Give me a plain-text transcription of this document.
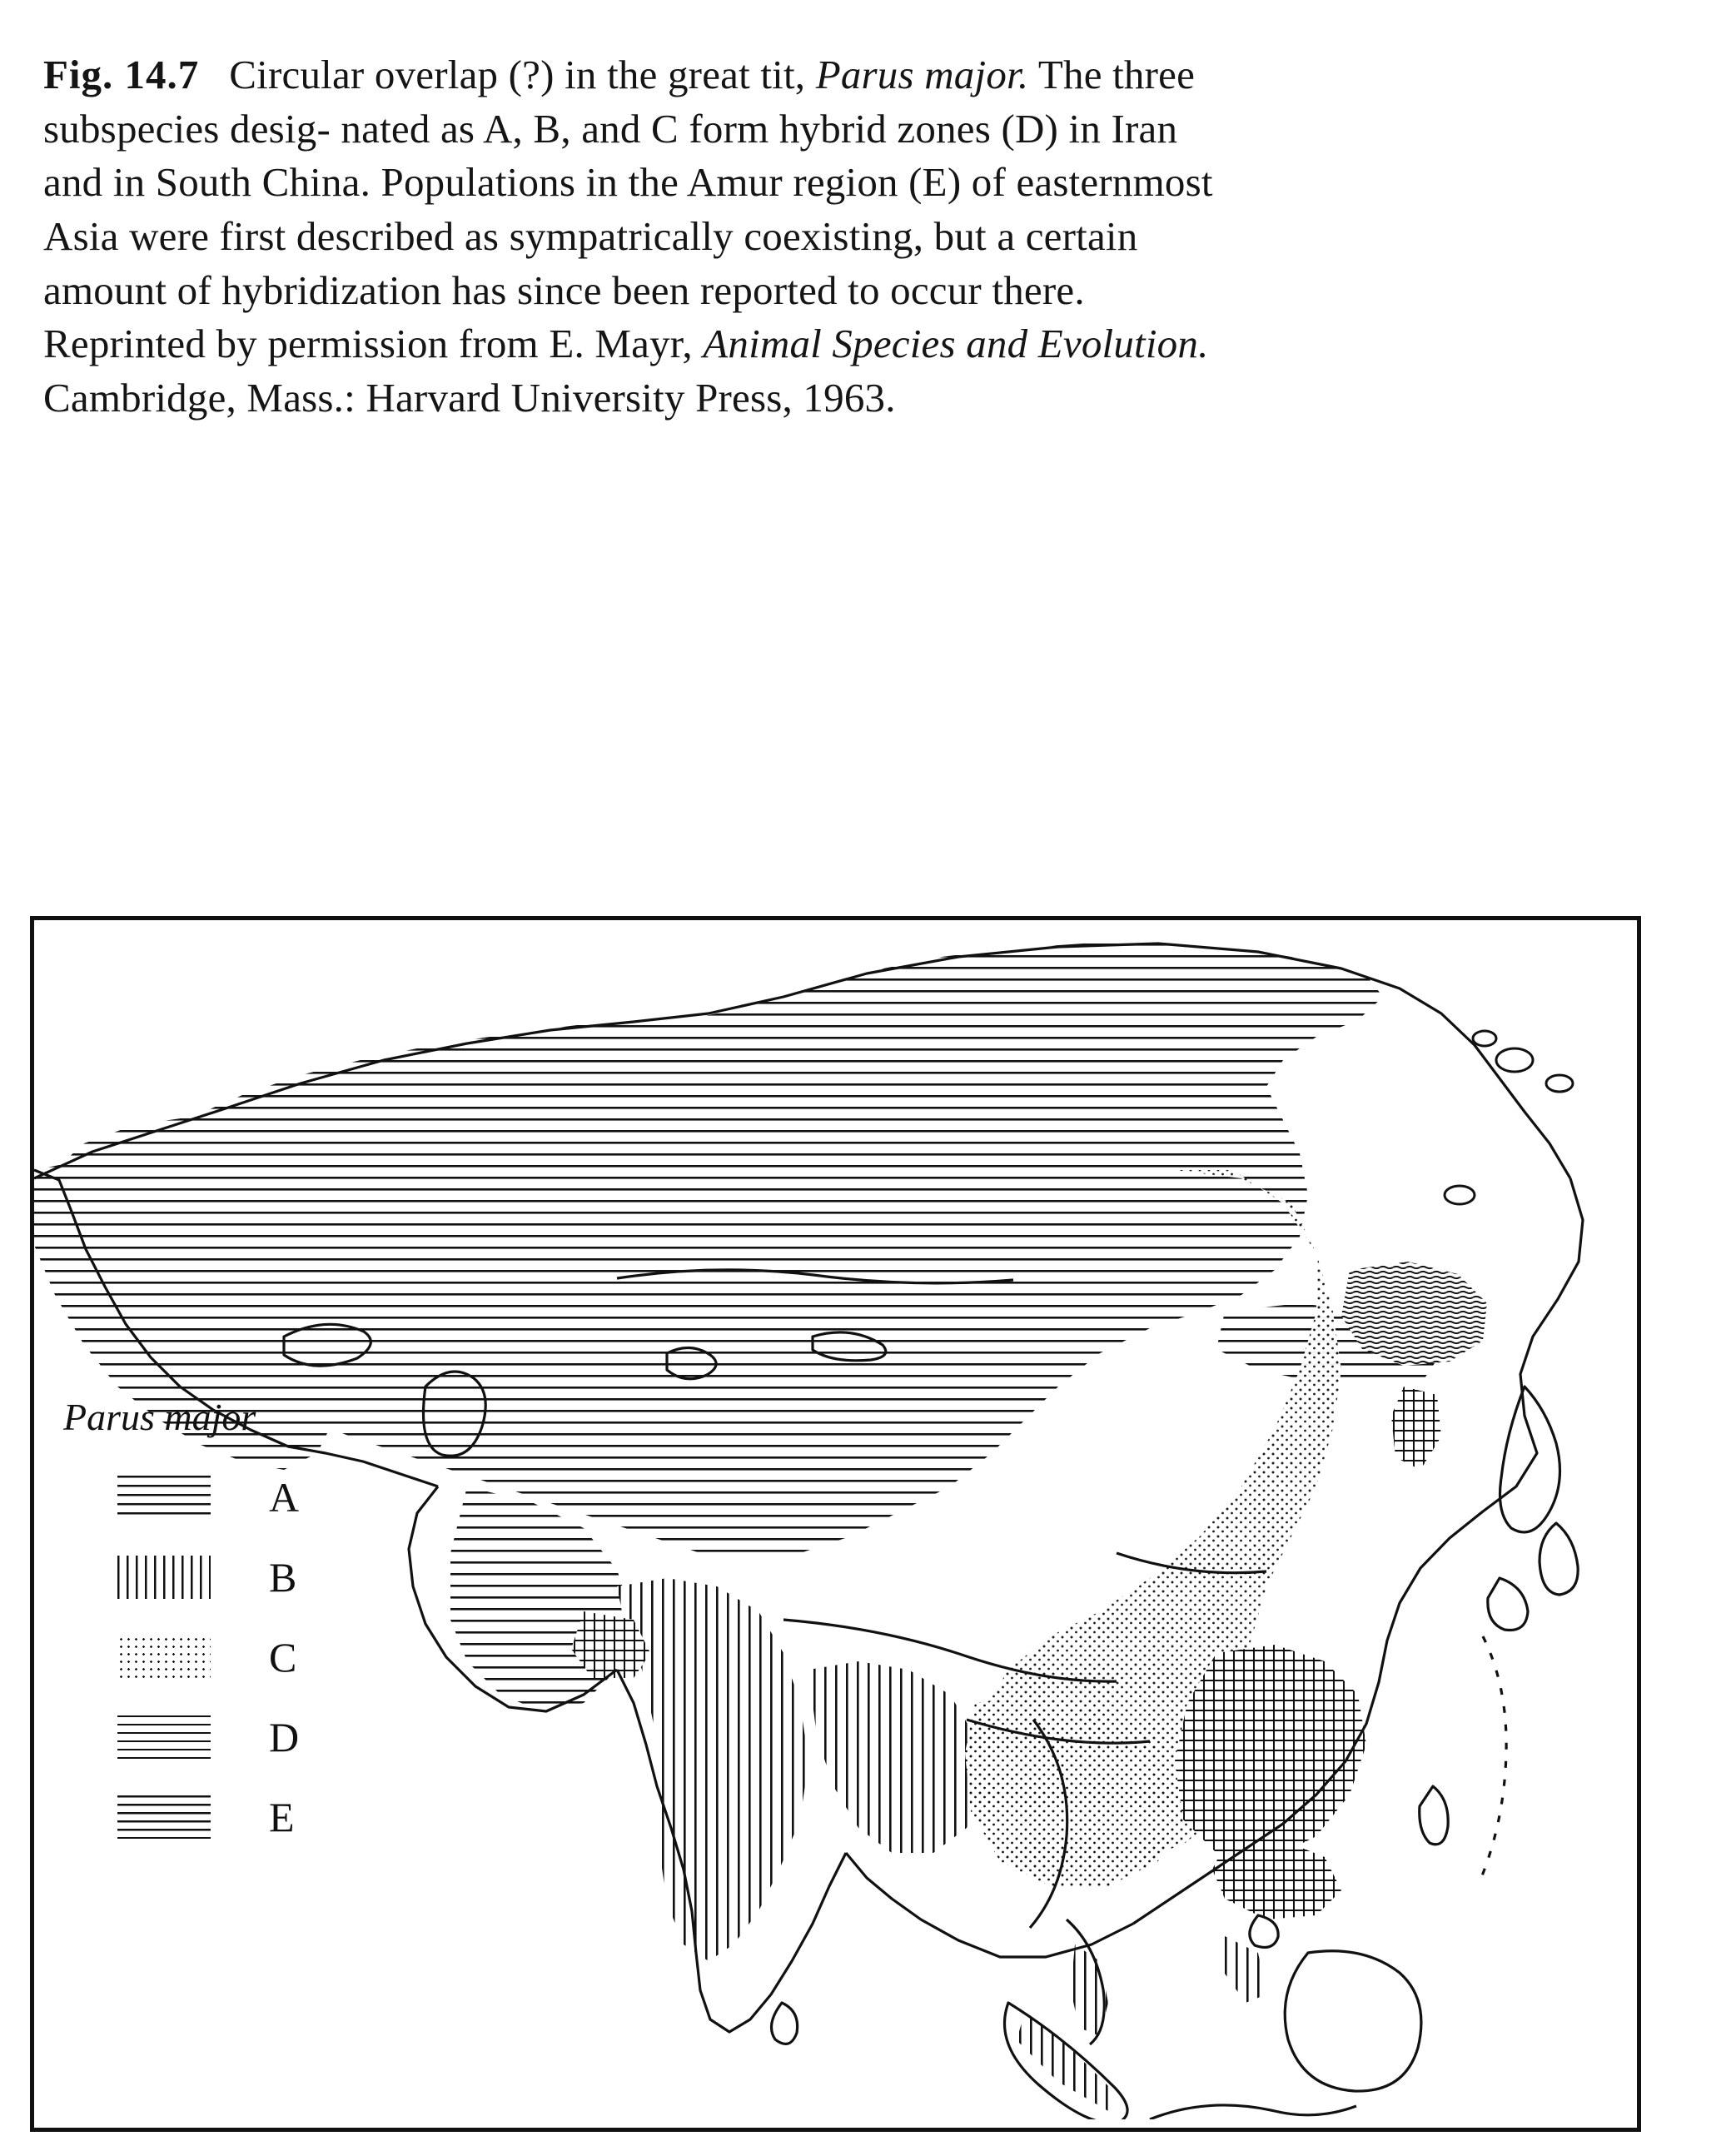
Fig. 14.7 Circular overlap (?) in the great tit, Parus major. The three subspecies desig- nated as A, B, and C form hybrid zones (D) in Iran and in South China. Populations in the Amur region (E) of easternmost Asia were first described as sympatrically coexisting, but a certain amount of hybridization has since been reported to occur there. Reprinted by permission from E. Mayr, Animal Species and Evolution. Cambridge, Mass.: Harvard University Press, 1963.
Parus major
A
B
C
D
E
